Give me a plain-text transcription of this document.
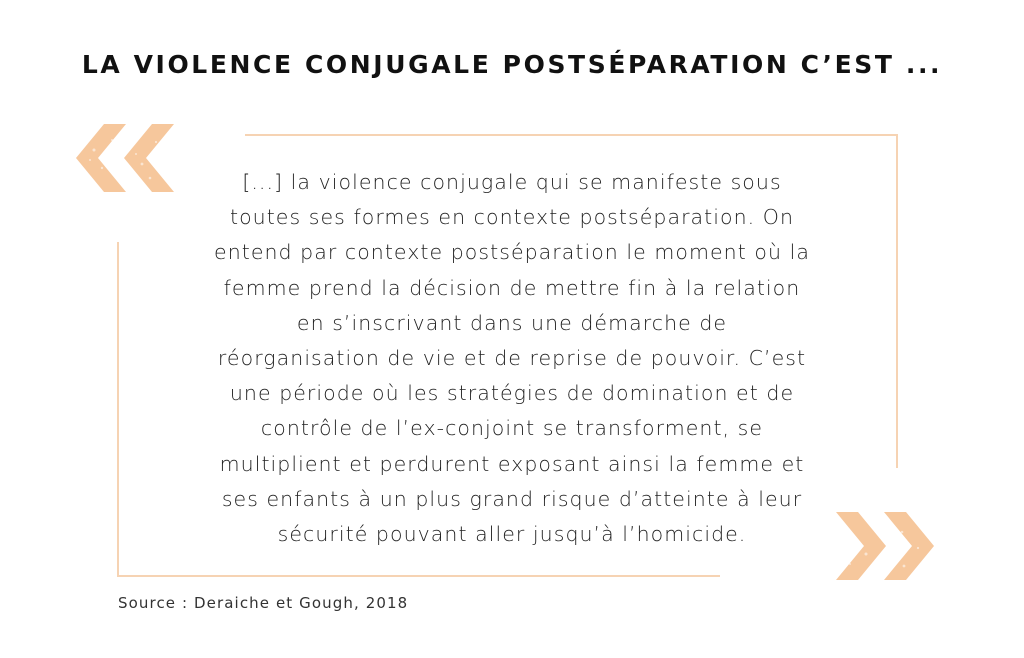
LA VIOLENCE CONJUGALE POSTSÉPARATION C’EST ...
[...] la violence conjugale qui se manifeste sous
toutes ses formes en contexte postséparation. On
entend par contexte postséparation le moment où la
femme prend la décision de mettre fin à la relation
en s’inscrivant dans une démarche de
réorganisation de vie et de reprise de pouvoir. C’est
une période où les stratégies de domination et de
contrôle de l’ex-conjoint se transforment, se
multiplient et perdurent exposant ainsi la femme et
ses enfants à un plus grand risque d’atteinte à leur
sécurité pouvant aller jusqu’à l’homicide.
Source : Deraiche et Gough, 2018
